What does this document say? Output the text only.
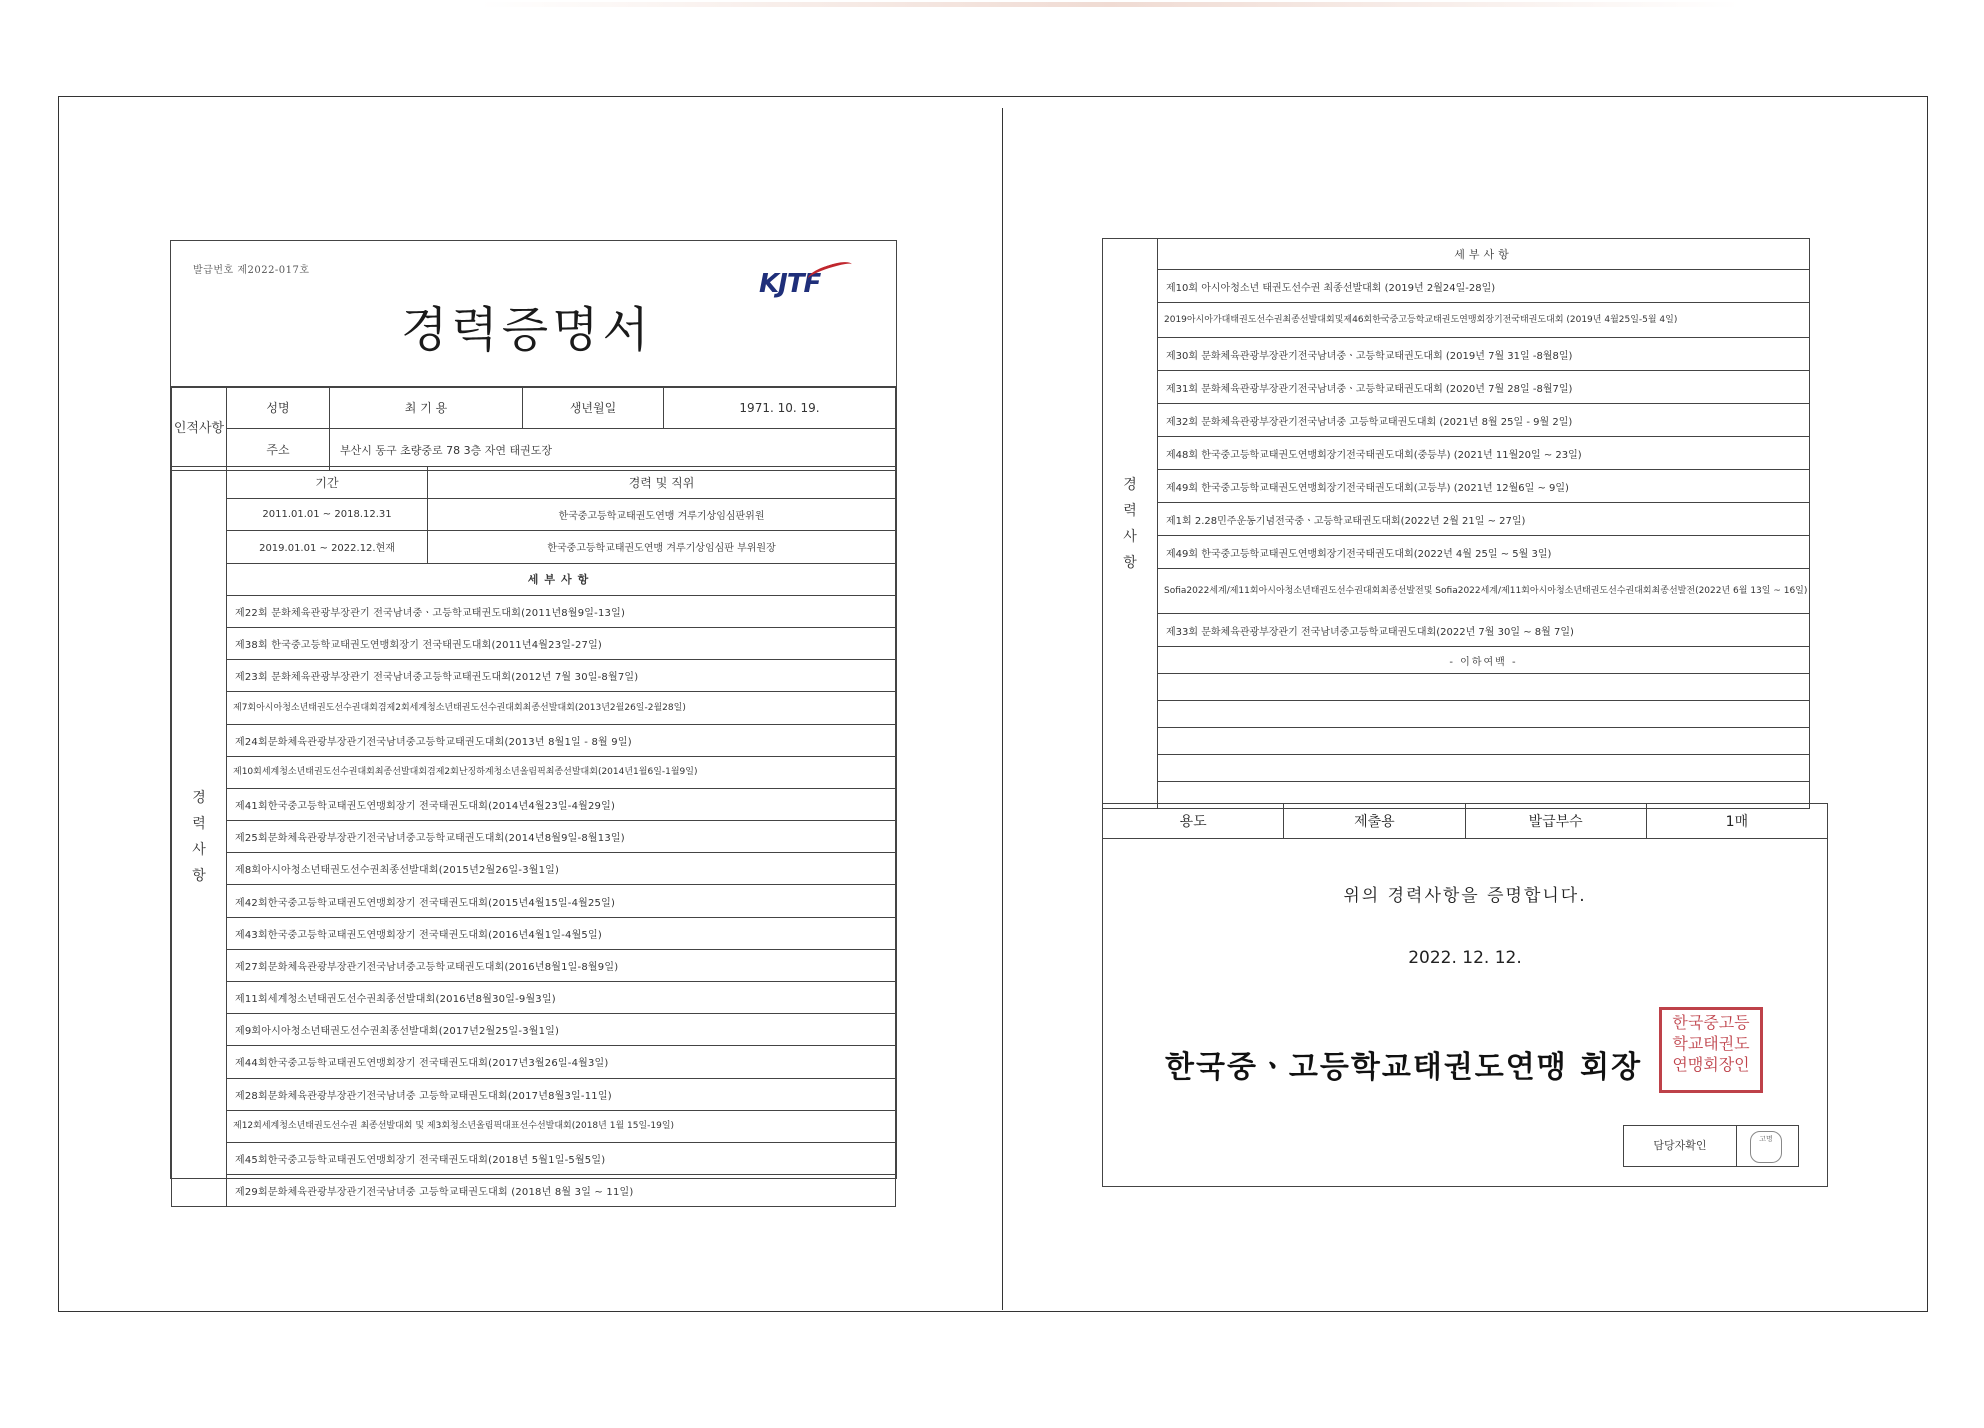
발급번호 제2022-017호
경력증명서
KJTF
인적사항	성명	최 기 용	생년월일	1971. 10. 19.
	주소	부산시 동구 초량중로 78 3층 자연 태권도장		
경력사항	기간	경력 및 직위
	2011.01.01 ~ 2018.12.31	한국중고등학교태권도연맹 겨루기상임심판위원
	2019.01.01 ~ 2022.12.현재	한국중고등학교태권도연맹 겨루기상임심판 부위원장
	세부사항	
	제22회 문화체육관광부장관기 전국남녀중ㆍ고등학교태권도대회(2011년8월9일-13일)	
	제38회 한국중고등학교태권도연맹회장기 전국태권도대회(2011년4월23일-27일)	
	제23회 문화체육관광부장관기 전국남녀중고등학교태권도대회(2012년 7월 30일-8월7일)	
	제7회아시아청소년태권도선수권대회겸제2회세계청소년태권도선수권대회최종선발대회(2013년2월26일-2월28일)	
	제24회문화체육관광부장관기전국남녀중고등학교태권도대회(2013년 8월1일 - 8월 9일)	
	제10회세계청소년태권도선수권대회최종선발대회겸제2회난징하계청소년올림픽최종선발대회(2014년1월6일-1월9일)	
	제41회한국중고등학교태권도연맹회장기 전국태권도대회(2014년4월23일-4월29일)	
	제25회문화체육관광부장관기전국남녀중고등학교태권도대회(2014년8월9일-8월13일)	
	제8회아시아청소년태권도선수권최종선발대회(2015년2월26일-3월1일)	
	제42회한국중고등학교태권도연맹회장기 전국태권도대회(2015년4월15일-4월25일)	
	제43회한국중고등학교태권도연맹회장기 전국태권도대회(2016년4월1일-4월5일)	
	제27회문화체육관광부장관기전국남녀중고등학교태권도대회(2016년8월1일-8월9일)	
	제11회세계청소년태권도선수권최종선발대회(2016년8월30일-9월3일)	
	제9회아시아청소년태권도선수권최종선발대회(2017년2월25일-3월1일)	
	제44회한국중고등학교태권도연맹회장기 전국태권도대회(2017년3월26일-4월3일)	
	제28회문화체육관광부장관기전국남녀중 고등학교태권도대회(2017년8월3일-11일)	
	제12회세계청소년태권도선수권 최종선발대회 및 제3회청소년올림픽대표선수선발대회(2018년 1월 15일-19일)	
	제45회한국중고등학교태권도연맹회장기 전국태권도대회(2018년 5월1일-5월5일)	
	제29회문화체육관광부장관기전국남녀중 고등학교태권도대회 (2018년 8월 3일 ~ 11일)	
경력사항	세부사항
제10회 아시아청소년 태권도선수권 최종선발대회 (2019년 2월24일-28일)
2019아시아가대태권도선수권최종선발대회및제46회한국중고등학교태권도연맹회장기전국태권도대회 (2019년 4월25일-5월 4일)
제30회 문화체육관광부장관기전국남녀중ㆍ고등학교태권도대회 (2019년 7월 31일 -8월8일)
제31회 문화체육관광부장관기전국남녀중ㆍ고등학교태권도대회 (2020년 7월 28일 -8월7일)
제32회 문화체육관광부장관기전국남녀중 고등학교태권도대회 (2021년 8월 25일 - 9월 2일)
제48회 한국중고등학교태권도연맹회장기전국태권도대회(중등부) (2021년 11월20일 ~ 23일)
제49회 한국중고등학교태권도연맹회장기전국태권도대회(고등부) (2021년 12월6일 ~ 9일)
제1회 2.28민주운동기념전국중ㆍ고등학교태권도대회(2022년 2월 21일 ~ 27일)
제49회 한국중고등학교태권도연맹회장기전국태권도대회(2022년 4월 25일 ~ 5월 3일)
Sofia2022세계/제11회아시아청소년태권도선수권대회최종선발전및 Sofia2022세계/제11회아시아청소년태권도선수권대회최종선발전(2022년 6월 13일 ~ 16일)
제33회 문화체육관광부장관기 전국남녀중고등학교태권도대회(2022년 7월 30일 ~ 8월 7일)
- 이하여백 -

용도	제출용	발급부수	1매
위의 경력사항을 증명합니다.
2022. 12. 12.
한국중ㆍ고등학교태권도연맹 회장
한국중고등학교태권도연맹회장인
담당자확인	고명
